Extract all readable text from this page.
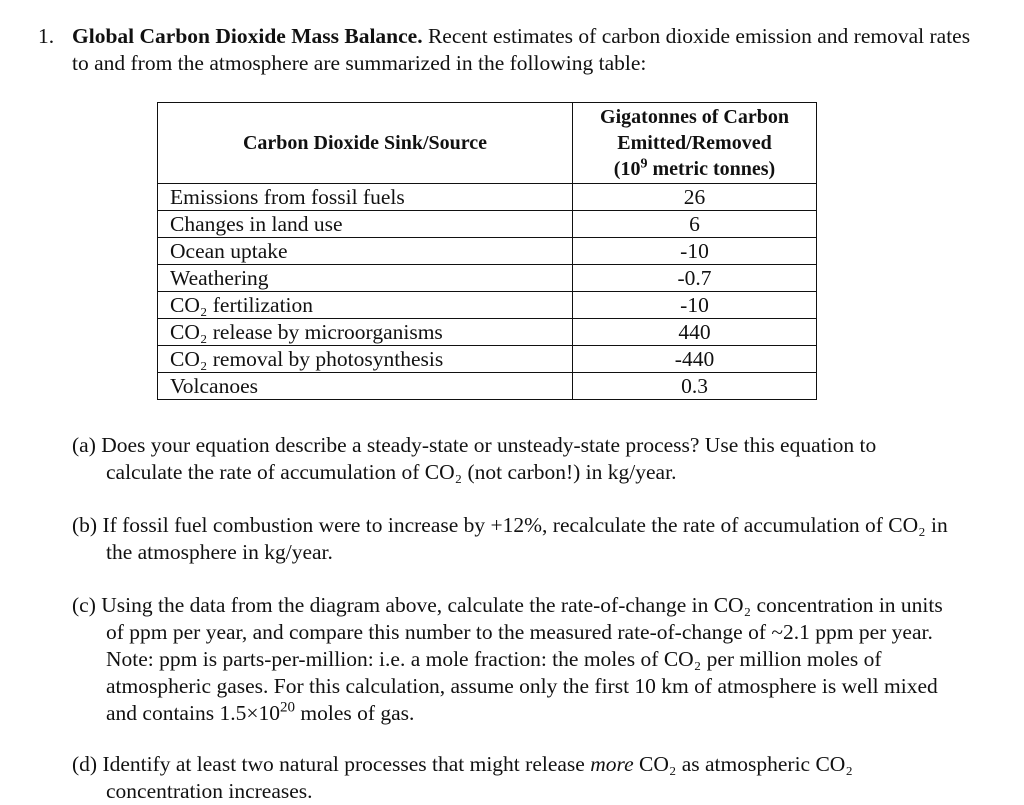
1. Global Carbon Dioxide Mass Balance. Recent estimates of carbon dioxide emission and removal rates to and from the atmosphere are summarized in the following table:
Carbon Dioxide Sink/Source	Gigatonnes of Carbon
Emitted/Removed
($10^9$ metric tonnes)
Emissions from fossil fuels	26
Changes in land use	6
Ocean uptake	-10
Weathering	-0.7
CO₂ fertilization	-10
CO₂ release by microorganisms	440
CO₂ removal by photosynthesis	-440
Volcanoes	0.3
(a) Does your equation describe a steady-state or unsteady-state process? Use this equation to calculate the rate of accumulation of CO₂ (not carbon!) in kg/year.
(b) If fossil fuel combustion were to increase by +12%, recalculate the rate of accumulation of CO₂ in the atmosphere in kg/year.
(c) Using the data from the diagram above, calculate the rate-of-change in CO₂ concentration in units of ppm per year, and compare this number to the measured rate-of-change of ~2.1 ppm per year. Note: ppm is parts-per-million: i.e. a mole fraction: the moles of CO₂ per million moles of atmospheric gases. For this calculation, assume only the first 10 km of atmosphere is well mixed and contains $1.5\times 10^{20}$ moles of gas.
(d) Identify at least two natural processes that might release more CO₂ as atmospheric CO₂ concentration increases.
